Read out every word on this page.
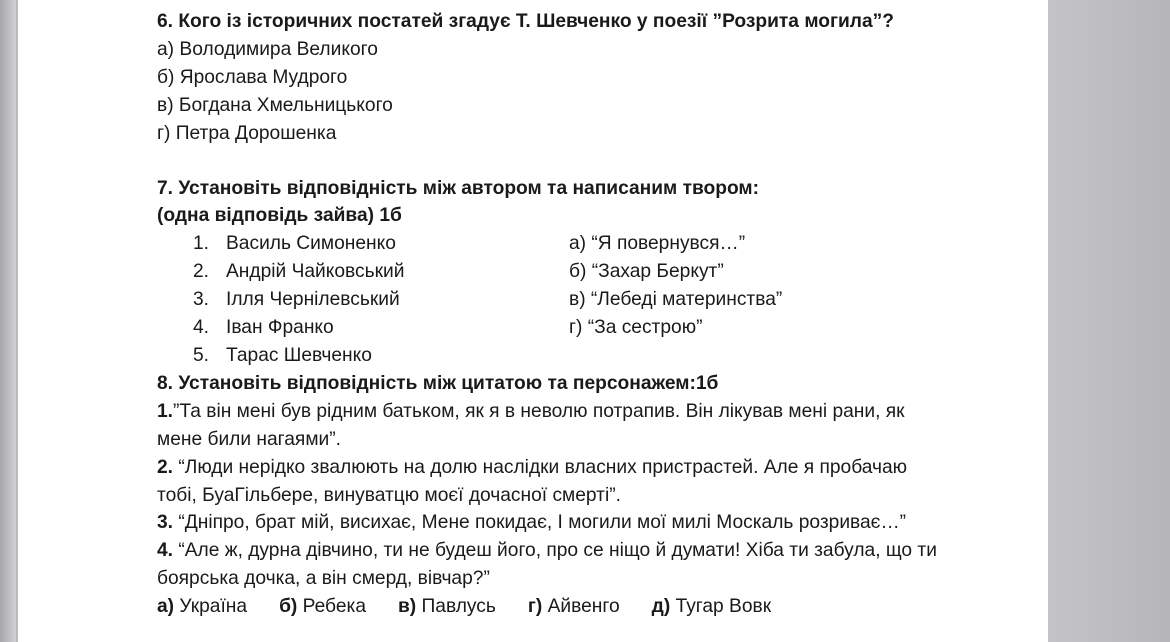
6. Кого із історичних постатей згадує Т. Шевченко у поезії ”Розрита могила”?
а) Володимира Великого
б) Ярослава Мудрого
в) Богдана Хмельницького
г) Петра Дорошенка
7. Установіть відповідність між автором та написаним твором:
(одна відповідь зайва) 1б
1. Василь Симоненко	а) “Я повернувся…”
2. Андрій Чайковський	б) “Захар Беркут”
3. Ілля Чернілевський	в) “Лебеді материнства”
4. Іван Франко	г) “За сестрою”
5. Тарас Шевченко
8. Установіть відповідність між цитатою та персонажем:1б
1.”Та він мені був рідним батьком, як я в неволю потрапив. Він лікував мені рани, як
мене били нагаями”.
2. “Люди нерідко звалюють на долю наслідки власних пристрастей. Але я пробачаю
тобі, БуаГільбере, винуватцю моєї дочасної смерті”.
3. “Дніпро, брат мій, висихає, Мене покидає, І могили мої милі Москаль розриває…”
4. “Але ж, дурна дівчино, ти не будеш його, про се ніщо й думати! Хіба ти забула, що ти
боярська дочка, а він смерд, вівчар?”
а) Україна б) Ребека в) Павлусь г) Айвенго д) Тугар Вовк
